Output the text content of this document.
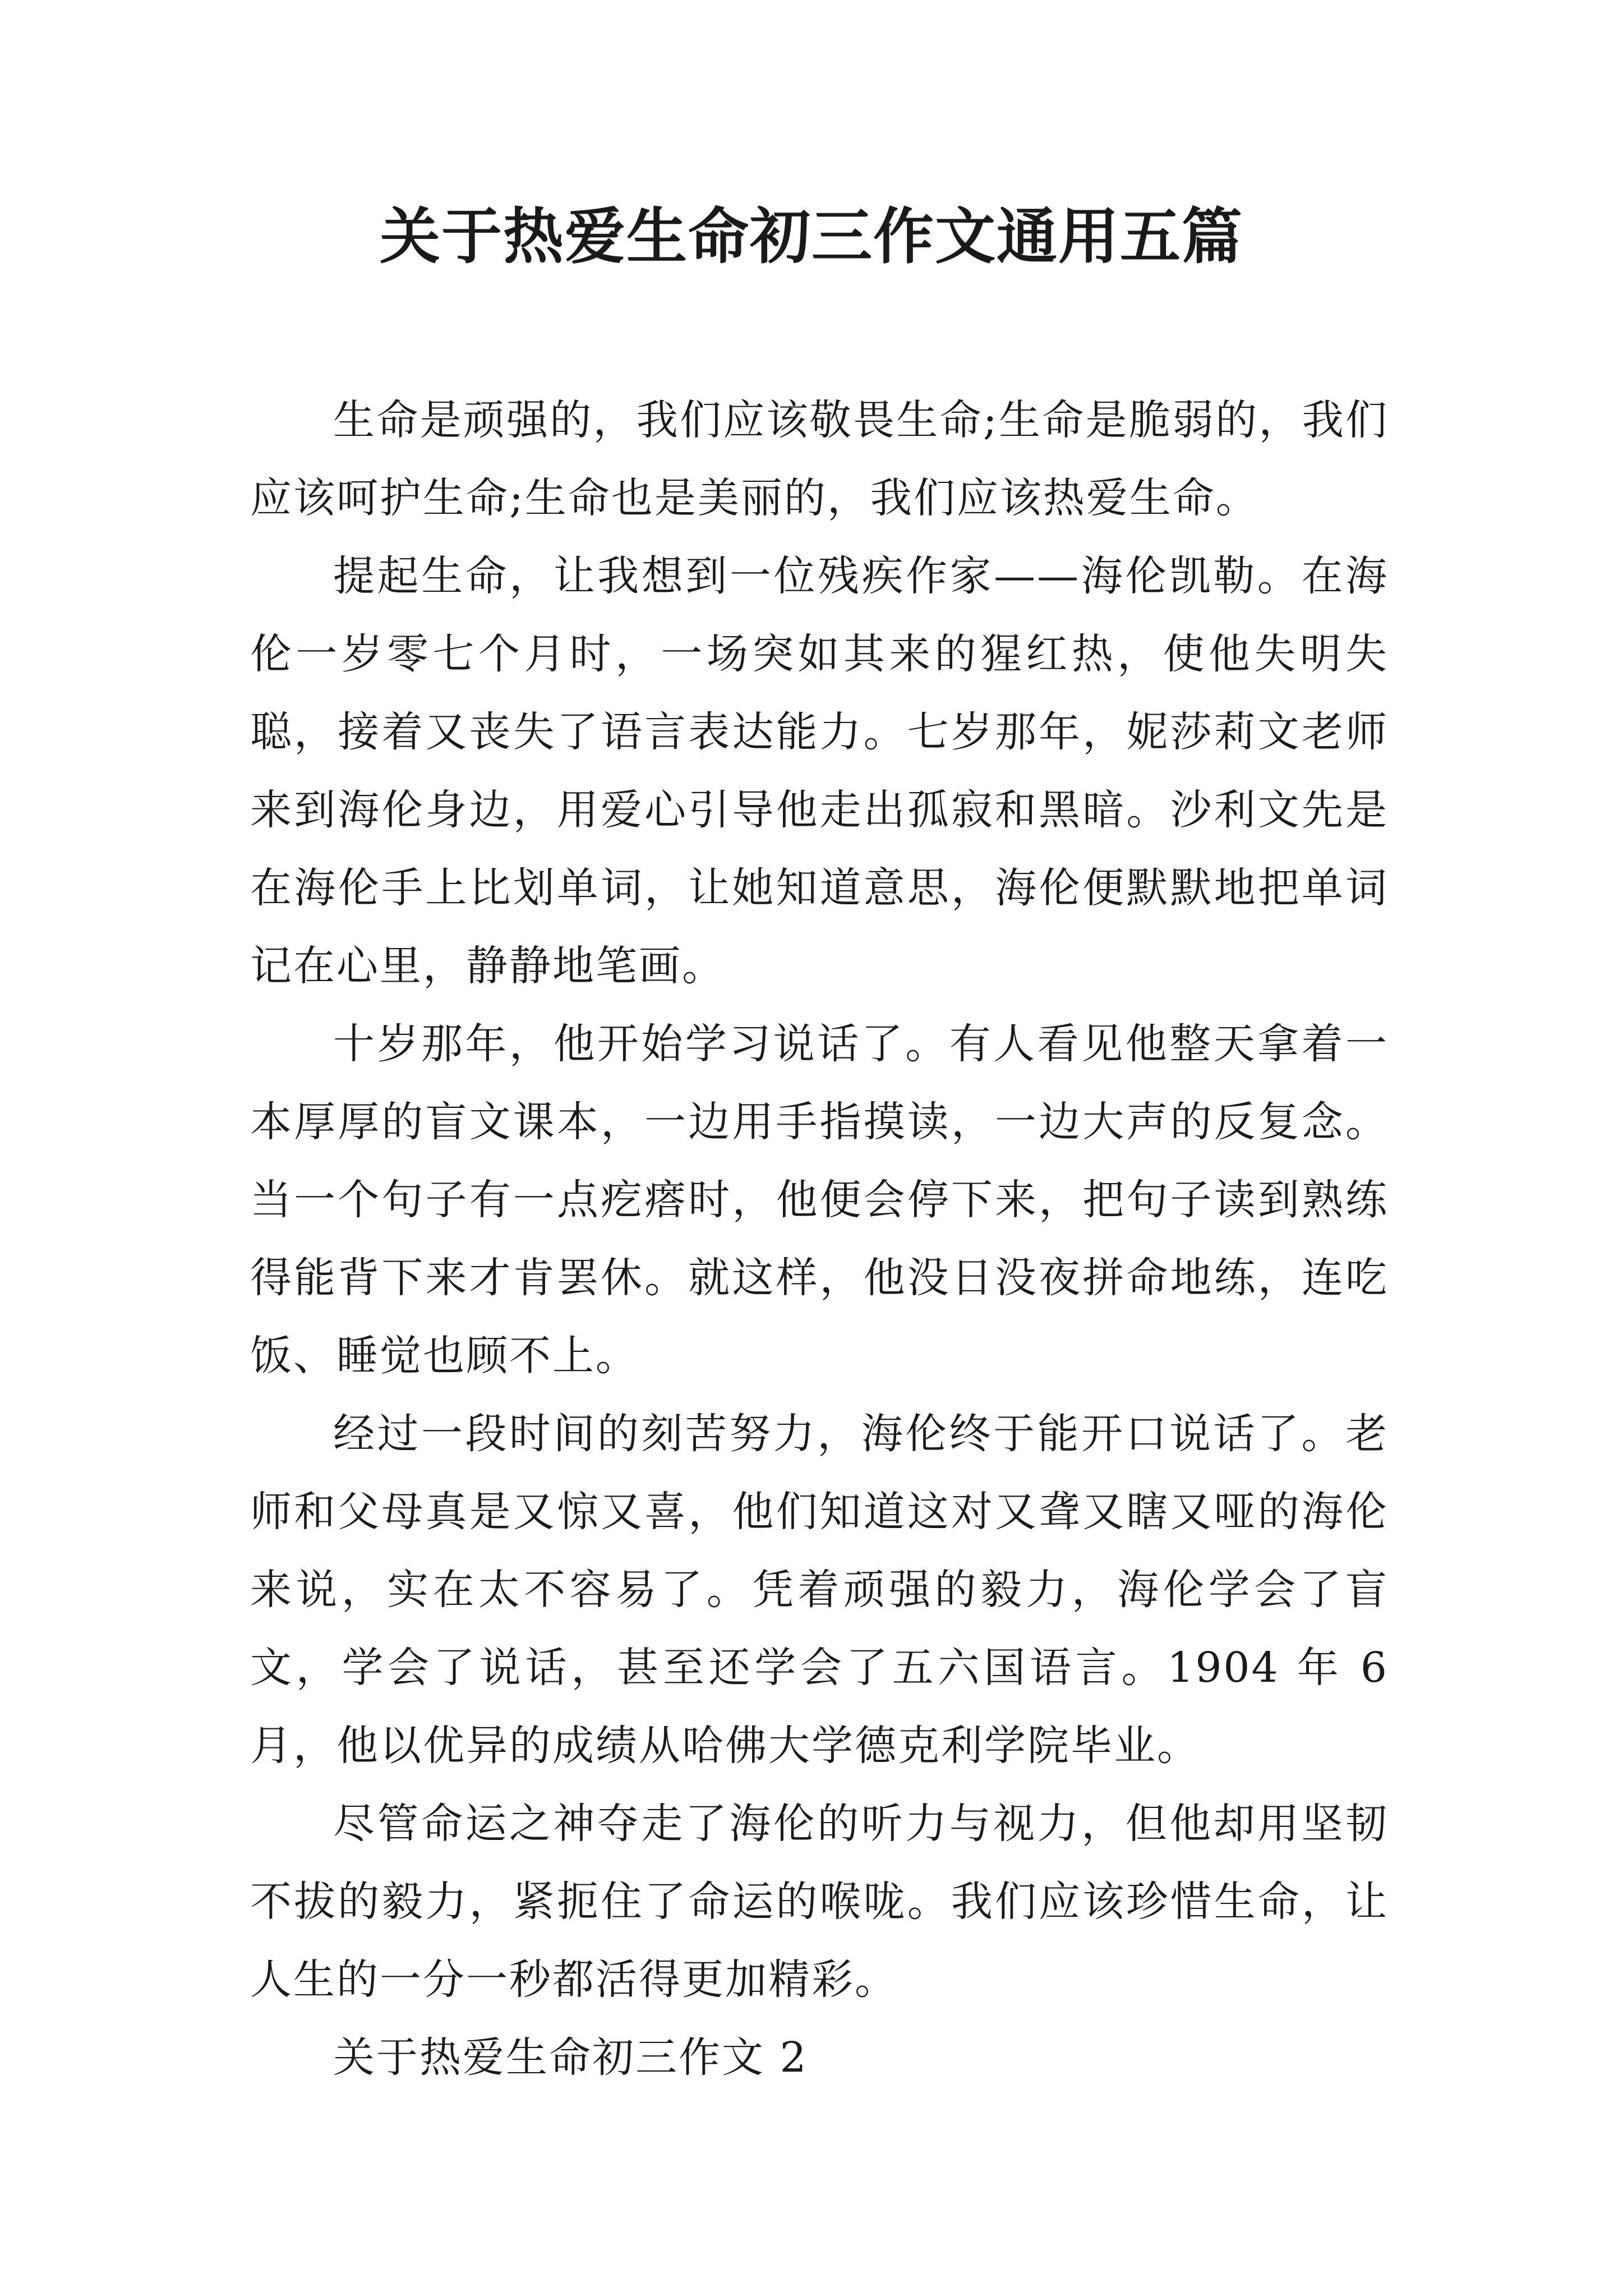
关于热爱生命初三作文通用五篇

生命是顽强的，我们应该敬畏生命;生命是脆弱的，我们应该呵护生命;生命也是美丽的，我们应该热爱生命。

提起生命，让我想到一位残疾作家——海伦凯勒。在海伦一岁零七个月时，一场突如其来的猩红热，使他失明失聪，接着又丧失了语言表达能力。七岁那年，妮莎莉文老师来到海伦身边，用爱心引导他走出孤寂和黑暗。沙利文先是在海伦手上比划单词，让她知道意思，海伦便默默地把单词记在心里，静静地笔画。

十岁那年，他开始学习说话了。有人看见他整天拿着一本厚厚的盲文课本，一边用手指摸读，一边大声的反复念。当一个句子有一点疙瘩时，他便会停下来，把句子读到熟练得能背下来才肯罢休。就这样，他没日没夜拼命地练，连吃饭、睡觉也顾不上。

经过一段时间的刻苦努力，海伦终于能开口说话了。老师和父母真是又惊又喜，他们知道这对又聋又瞎又哑的海伦来说，实在太不容易了。凭着顽强的毅力，海伦学会了盲文，学会了说话，甚至还学会了五六国语言。1904 年 6 月，他以优异的成绩从哈佛大学德克利学院毕业。

尽管命运之神夺走了海伦的听力与视力，但他却用坚韧不拔的毅力，紧扼住了命运的喉咙。我们应该珍惜生命，让人生的一分一秒都活得更加精彩。

关于热爱生命初三作文 2
